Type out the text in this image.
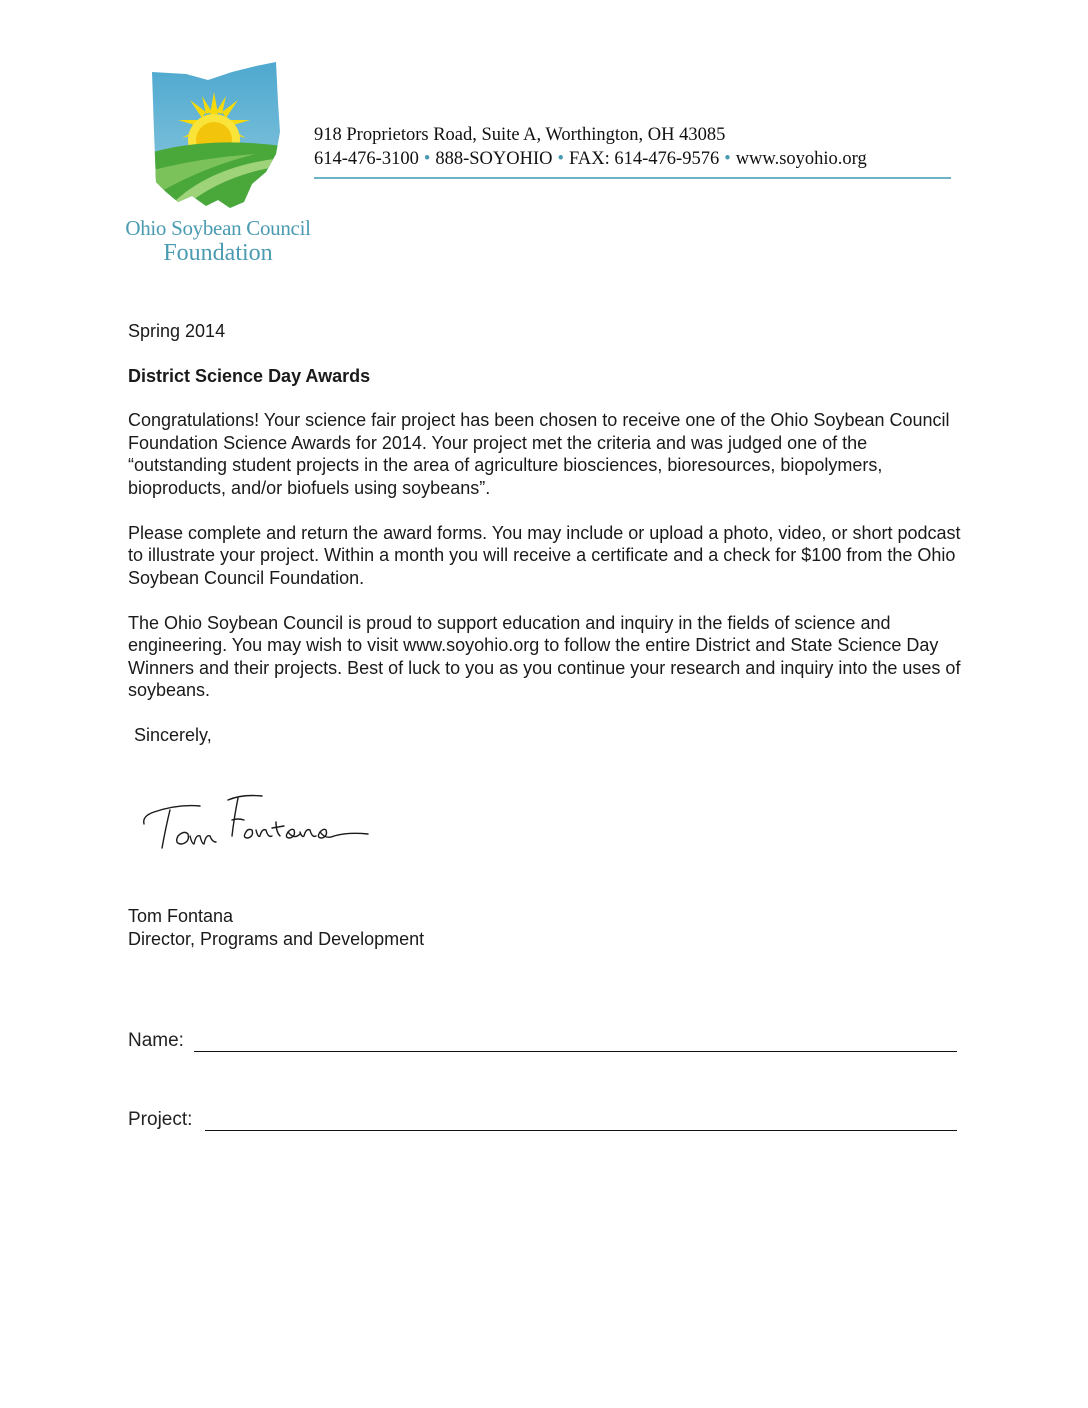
Ohio Soybean Council
Foundation
918 Proprietors Road, Suite A, Worthington, OH 43085
614-476-3100 • 888-SOYOHIO • FAX: 614-476-9576 • www.soyohio.org

Spring 2014

District Science Day Awards

Congratulations! Your science fair project has been chosen to receive one of the Ohio Soybean Council Foundation Science Awards for 2014. Your project met the criteria and was judged one of the “outstanding student projects in the area of agriculture biosciences, bioresources, biopolymers, bioproducts, and/or biofuels using soybeans”.

Please complete and return the award forms. You may include or upload a photo, video, or short podcast to illustrate your project. Within a month you will receive a certificate and a check for $100 from the Ohio Soybean Council Foundation.

The Ohio Soybean Council is proud to support education and inquiry in the fields of science and engineering. You may wish to visit www.soyohio.org to follow the entire District and State Science Day Winners and their projects. Best of luck to you as you continue your research and inquiry into the uses of soybeans.

Sincerely,

Tom Fontana
Director, Programs and Development
Name:
Project:
